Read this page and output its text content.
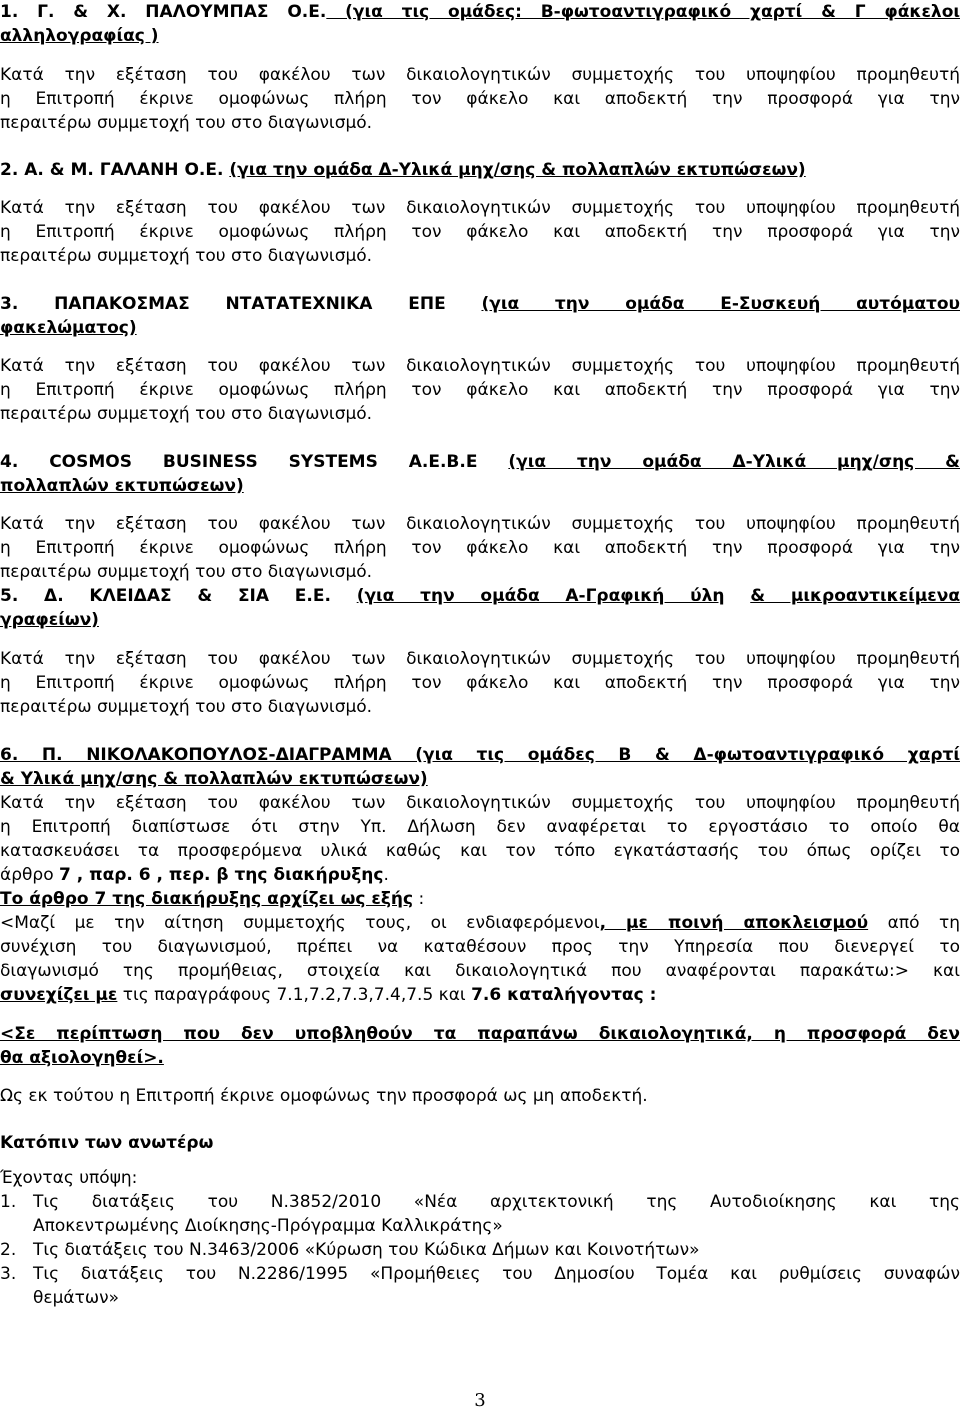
1. Γ. & Χ. ΠΑΛΟΥΜΠΑΣ Ο.Ε. (για τις ομάδες: Β-φωτοαντιγραφικό χαρτί & Γ φάκελοι
αλληλογραφίας )
Κατά την εξέταση του φακέλου των δικαιολογητικών συμμετοχής του υποψηφίου προμηθευτή
η Επιτροπή έκρινε ομοφώνως πλήρη τον φάκελο και αποδεκτή την προσφορά για την
περαιτέρω συμμετοχή του στο διαγωνισμό.
2. Α. & Μ. ΓΑΛΑΝΗ Ο.Ε. (για την ομάδα Δ-Υλικά μηχ/σης & πολλαπλών εκτυπώσεων)
Κατά την εξέταση του φακέλου των δικαιολογητικών συμμετοχής του υποψηφίου προμηθευτή
η Επιτροπή έκρινε ομοφώνως πλήρη τον φάκελο και αποδεκτή την προσφορά για την
περαιτέρω συμμετοχή του στο διαγωνισμό.
3. ΠΑΠΑΚΟΣΜΑΣ ΝΤΑΤΑΤΕΧΝΙΚΑ ΕΠΕ (για την ομάδα Ε-Συσκευή αυτόματου
φακελώματος)
Κατά την εξέταση του φακέλου των δικαιολογητικών συμμετοχής του υποψηφίου προμηθευτή
η Επιτροπή έκρινε ομοφώνως πλήρη τον φάκελο και αποδεκτή την προσφορά για την
περαιτέρω συμμετοχή του στο διαγωνισμό.
4. COSMOS BUSINESS SYSTEMS Α.Ε.Β.Ε (για την ομάδα Δ-Υλικά μηχ/σης &
πολλαπλών εκτυπώσεων)
Κατά την εξέταση του φακέλου των δικαιολογητικών συμμετοχής του υποψηφίου προμηθευτή
η Επιτροπή έκρινε ομοφώνως πλήρη τον φάκελο και αποδεκτή την προσφορά για την
περαιτέρω συμμετοχή του στο διαγωνισμό.
5. Δ. ΚΛΕΙΔΑΣ & ΣΙΑ Ε.Ε. (για την ομάδα Α-Γραφική ύλη & μικροαντικείμενα
γραφείων)
Κατά την εξέταση του φακέλου των δικαιολογητικών συμμετοχής του υποψηφίου προμηθευτή
η Επιτροπή έκρινε ομοφώνως πλήρη τον φάκελο και αποδεκτή την προσφορά για την
περαιτέρω συμμετοχή του στο διαγωνισμό.
6. Π. ΝΙΚΟΛΑΚΟΠΟΥΛΟΣ-ΔΙΑΓΡΑΜΜΑ (για τις ομάδες Β & Δ-φωτοαντιγραφικό χαρτί
& Υλικά μηχ/σης & πολλαπλών εκτυπώσεων)
Κατά την εξέταση του φακέλου των δικαιολογητικών συμμετοχής του υποψηφίου προμηθευτή
η Επιτροπή διαπίστωσε ότι στην Υπ. Δήλωση δεν αναφέρεται το εργοστάσιο το οποίο θα
κατασκευάσει τα προσφερόμενα υλικά καθώς και τον τόπο εγκατάστασής του όπως ορίζει το
άρθρο 7 , παρ. 6 , περ. β της διακήρυξης.
Το άρθρο 7 της διακήρυξης αρχίζει ως εξής :
<Μαζί με την αίτηση συμμετοχής τους, οι ενδιαφερόμενοι, με ποινή αποκλεισμού από τη
συνέχιση του διαγωνισμού, πρέπει να καταθέσουν προς την Υπηρεσία που διενεργεί το
διαγωνισμό της προμήθειας, στοιχεία και δικαιολογητικά που αναφέρονται παρακάτω:> και
συνεχίζει με τις παραγράφους 7.1,7.2,7.3,7.4,7.5 και 7.6 καταλήγοντας :
<Σε περίπτωση που δεν υποβληθούν τα παραπάνω δικαιολογητικά, η προσφορά δεν
θα αξιολογηθεί>.
Ως εκ τούτου η Επιτροπή έκρινε ομοφώνως την προσφορά ως μη αποδεκτή.
Κατόπιν των ανωτέρω
Έχοντας υπόψη:
1. Τις διατάξεις του Ν.3852/2010 «Νέα αρχιτεκτονική της Αυτοδιοίκησης και της
Αποκεντρωμένης Διοίκησης-Πρόγραμμα Καλλικράτης»
2. Τις διατάξεις του Ν.3463/2006 «Κύρωση του Κώδικα Δήμων και Κοινοτήτων»
3. Τις διατάξεις του Ν.2286/1995 «Προμήθειες του Δημοσίου Τομέα και ρυθμίσεις συναφών
θεμάτων»
3
